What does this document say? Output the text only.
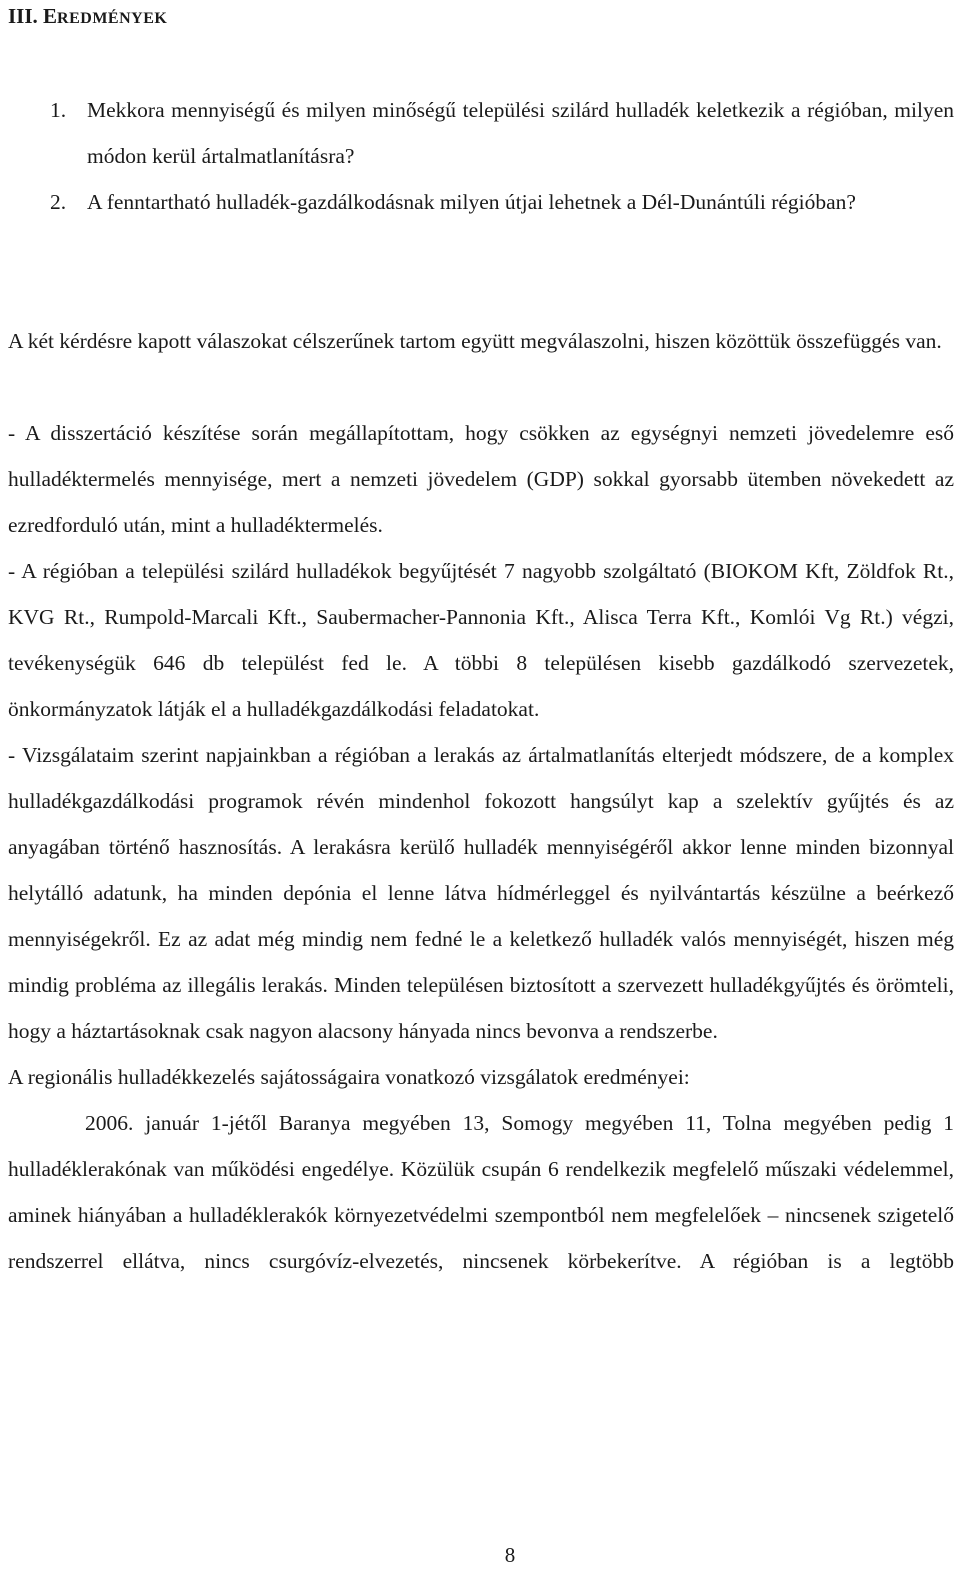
III. EREDMÉNYEK
1. Mekkora mennyiségű és milyen minőségű települési szilárd hulladék keletkezik a régióban, milyen módon kerül ártalmatlanításra?
2. A fenntartható hulladék-gazdálkodásnak milyen útjai lehetnek a Dél-Dunántúli régióban?

A két kérdésre kapott válaszokat célszerűnek tartom együtt megválaszolni, hiszen közöttük összefüggés van.

- A disszertáció készítése során megállapítottam, hogy csökken az egységnyi nemzeti jövedelemre eső hulladéktermelés mennyisége, mert a nemzeti jövedelem (GDP) sokkal gyorsabb ütemben növekedett az ezredforduló után, mint a hulladéktermelés.

- A régióban a települési szilárd hulladékok begyűjtését 7 nagyobb szolgáltató (BIOKOM Kft, Zöldfok Rt., KVG Rt., Rumpold-Marcali Kft., Saubermacher-Pannonia Kft., Alisca Terra Kft., Komlói Vg Rt.) végzi, tevékenységük 646 db települést fed le. A többi 8 településen kisebb gazdálkodó szervezetek, önkormányzatok látják el a hulladékgazdálkodási feladatokat.

- Vizsgálataim szerint napjainkban a régióban a lerakás az ártalmatlanítás elterjedt módszere, de a komplex hulladékgazdálkodási programok révén mindenhol fokozott hangsúlyt kap a szelektív gyűjtés és az anyagában történő hasznosítás. A lerakásra kerülő hulladék mennyiségéről akkor lenne minden bizonnyal helytálló adatunk, ha minden depónia el lenne látva hídmérleggel és nyilvántartás készülne a beérkező mennyiségekről. Ez az adat még mindig nem fedné le a keletkező hulladék valós mennyiségét, hiszen még mindig probléma az illegális lerakás. Minden településen biztosított a szervezett hulladékgyűjtés és örömteli, hogy a háztartásoknak csak nagyon alacsony hányada nincs bevonva a rendszerbe.

A regionális hulladékkezelés sajátosságaira vonatkozó vizsgálatok eredményei:

2006. január 1-jétől Baranya megyében 13, Somogy megyében 11, Tolna megyében pedig 1 hulladéklerakónak van működési engedélye. Közülük csupán 6 rendelkezik megfelelő műszaki védelemmel, aminek hiányában a hulladéklerakók környezetvédelmi szempontból nem megfelelőek – nincsenek szigetelő rendszerrel ellátva, nincs csurgóvíz-elvezetés, nincsenek körbekerítve. A régióban is a legtöbb

8
